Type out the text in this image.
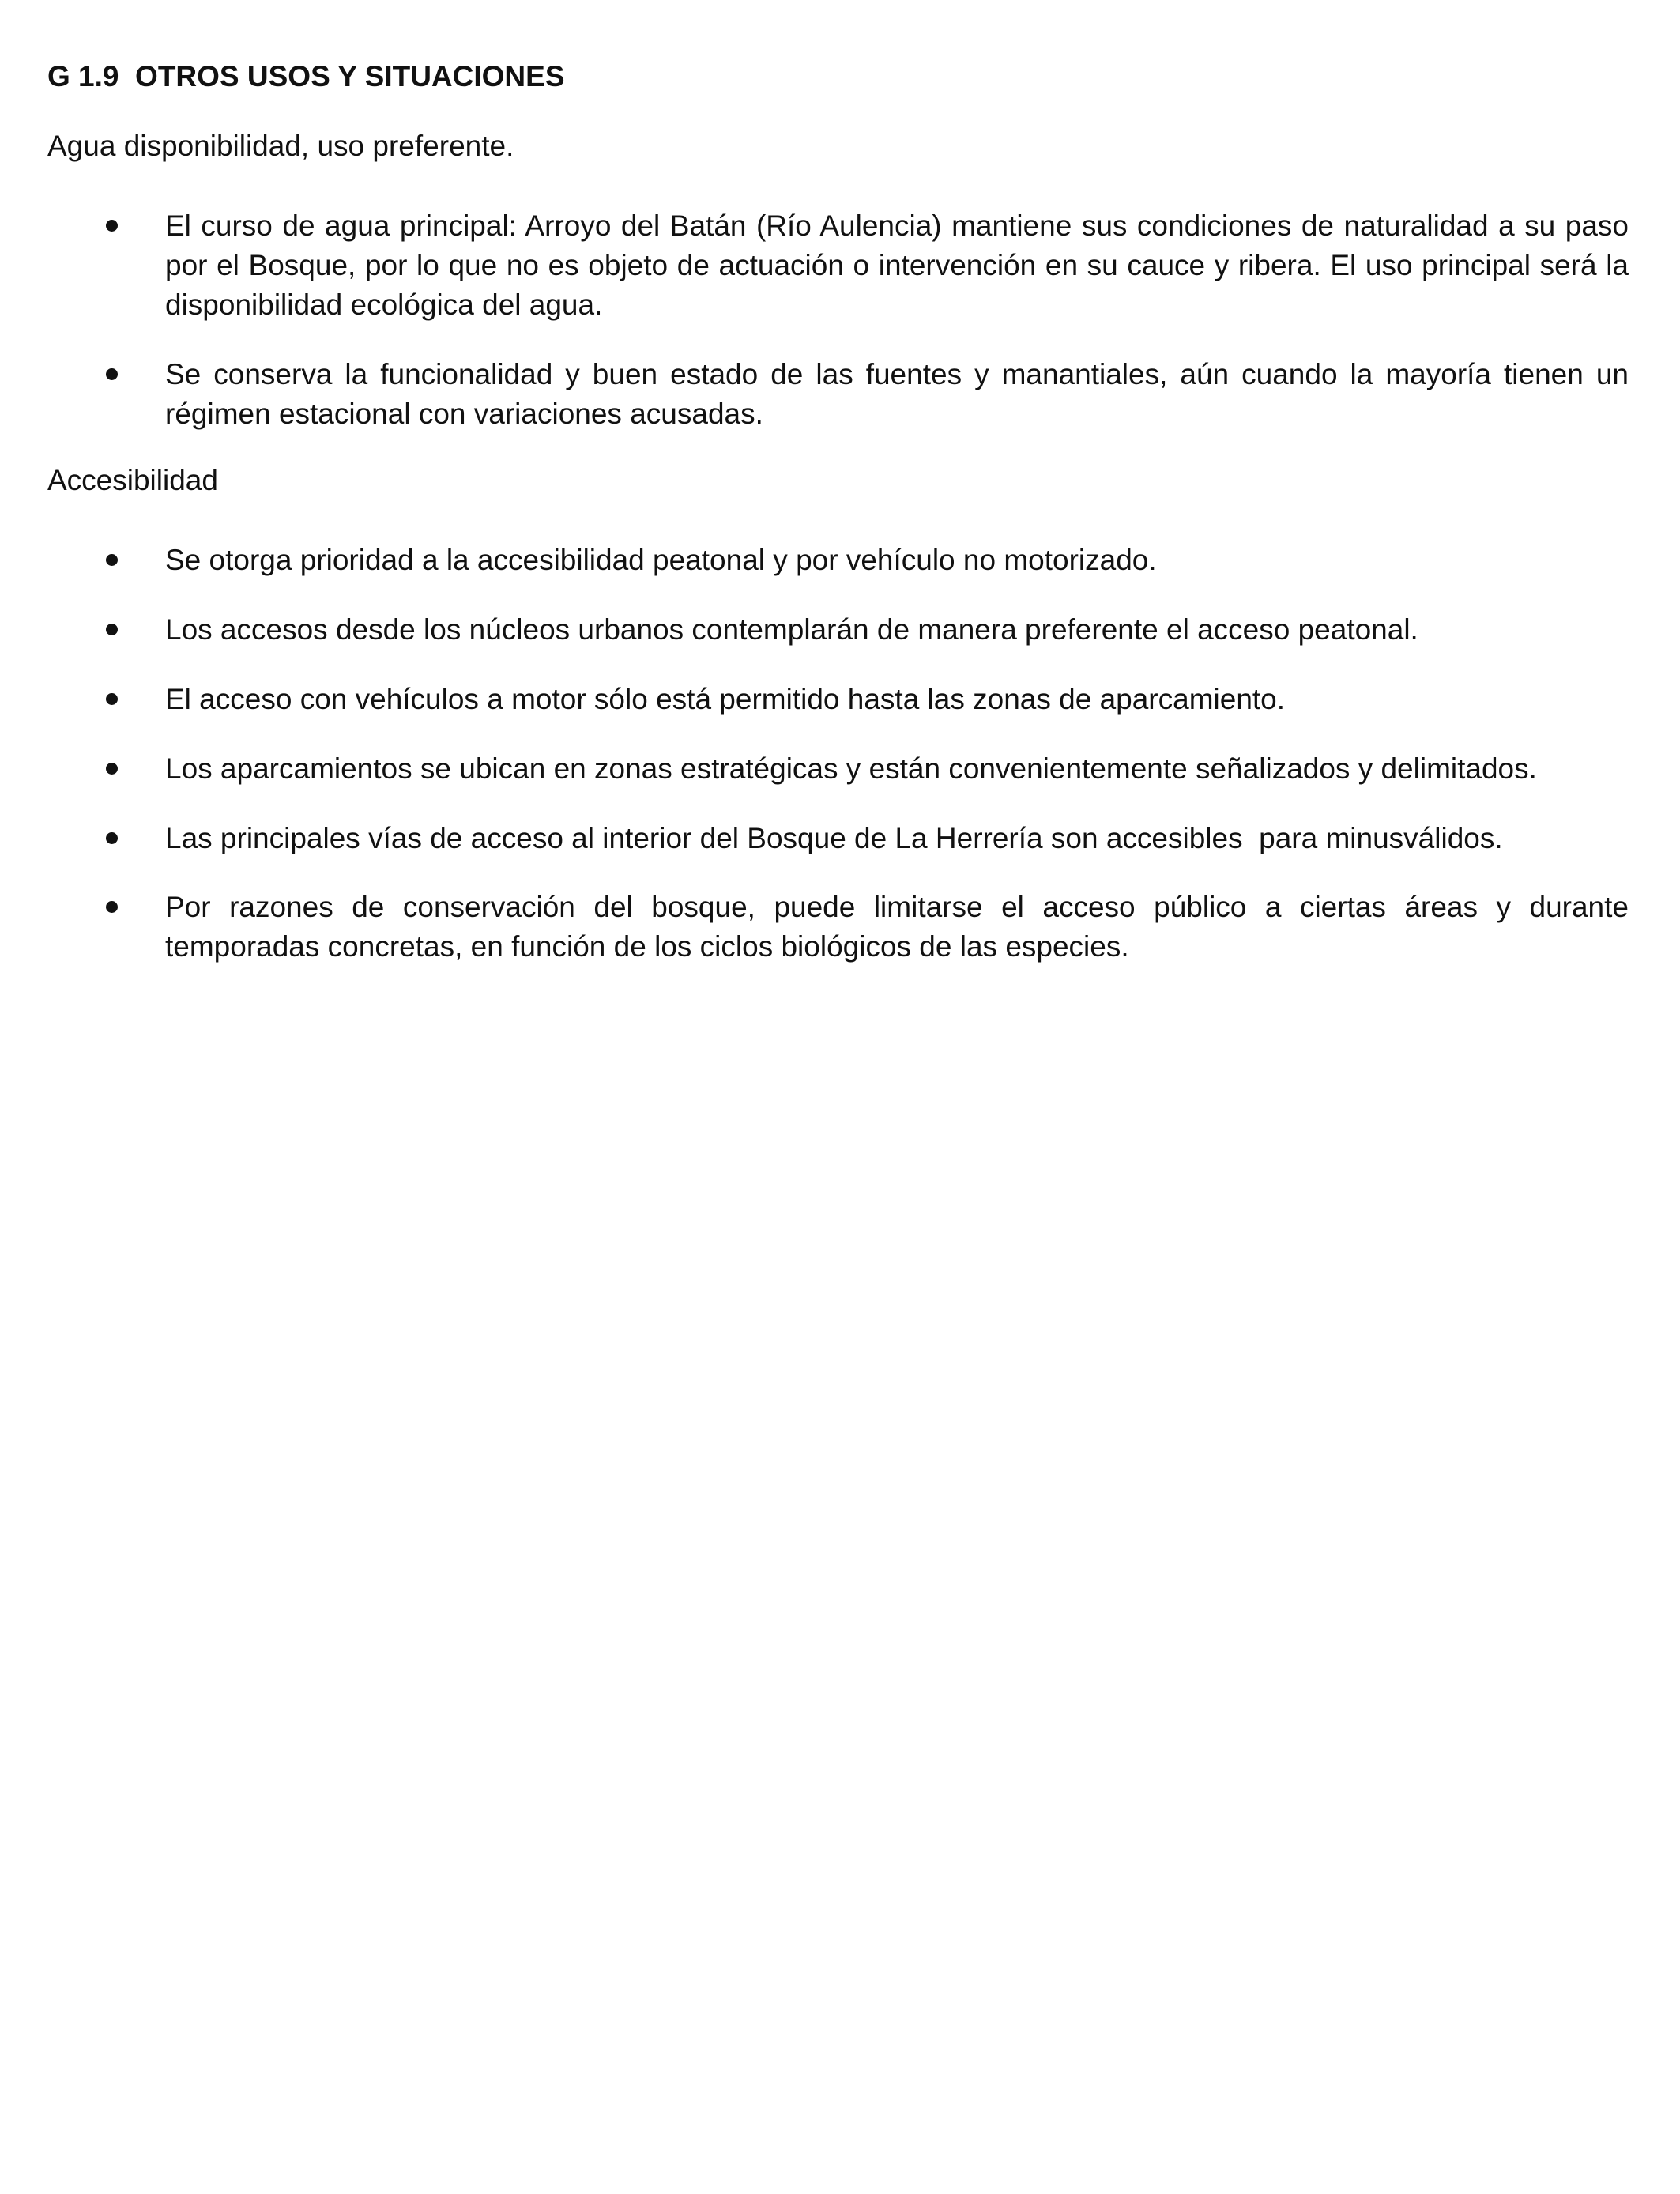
G 1.9  OTROS USOS Y SITUACIONES

Agua disponibilidad, uso preferente.

El curso de agua principal: Arroyo del Batán (Río Aulencia) mantiene sus condiciones de naturalidad a su paso por el Bosque, por lo que no es objeto de actuación o intervención en su cauce y ribera. El uso principal será la disponibilidad ecológica del agua.

Se conserva la funcionalidad y buen estado de las fuentes y manantiales, aún cuando la mayoría tienen un régimen estacional con variaciones acusadas.

Accesibilidad

Se otorga prioridad a la accesibilidad peatonal y por vehículo no motorizado.

Los accesos desde los núcleos urbanos contemplarán de manera preferente el acceso peatonal.

El acceso con vehículos a motor sólo está permitido hasta las zonas de aparcamiento.

Los aparcamientos se ubican en zonas estratégicas y están convenientemente señalizados y delimitados.

Las principales vías de acceso al interior del Bosque de La Herrería son accesibles  para minusválidos.

Por razones de conservación del bosque, puede limitarse el acceso público a ciertas áreas y durante temporadas concretas, en función de los ciclos biológicos de las especies.
